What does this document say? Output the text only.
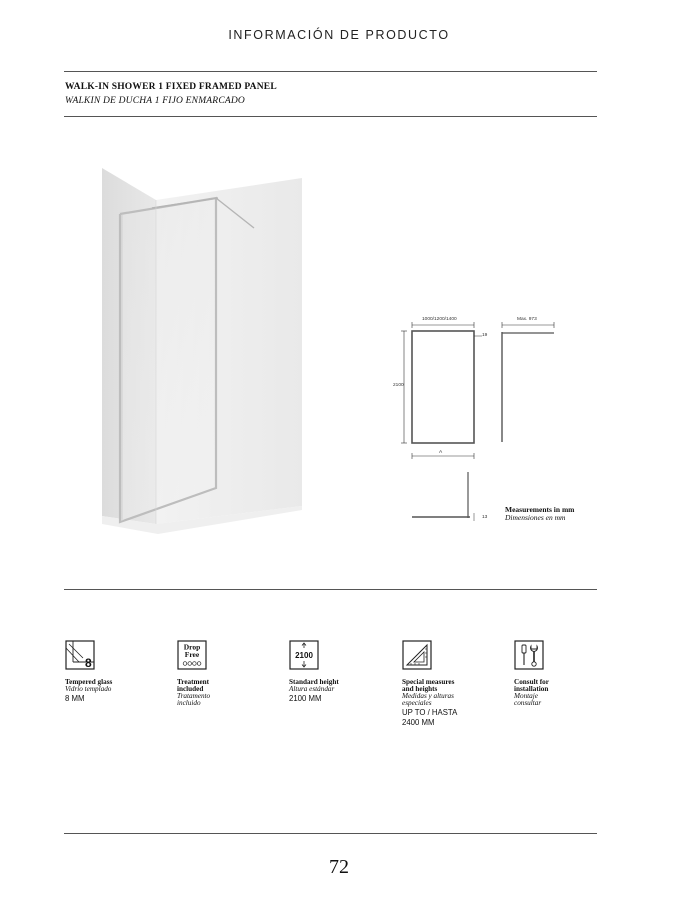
INFORMACIÓN DE PRODUCTO
WALK-IN SHOWER 1 FIXED FRAMED PANEL
WALKIN DE DUCHA 1 FIJO ENMARCADO
1000/1200/1400	Max. 973
19
2100
A
13
Measurements in mm
Dimensiones en mm
8
Tempered glass
Vidrio templado
8 MM
Drop
Free
Treatment
included
Tratamento
incluido
2100
Standard height
Altura estándar
2100 MM
Special measures
and heights
Medidas y alturas
especiales
UP TO / HASTA
2400 MM
Consult for
installation
Montaje
consultar
72
